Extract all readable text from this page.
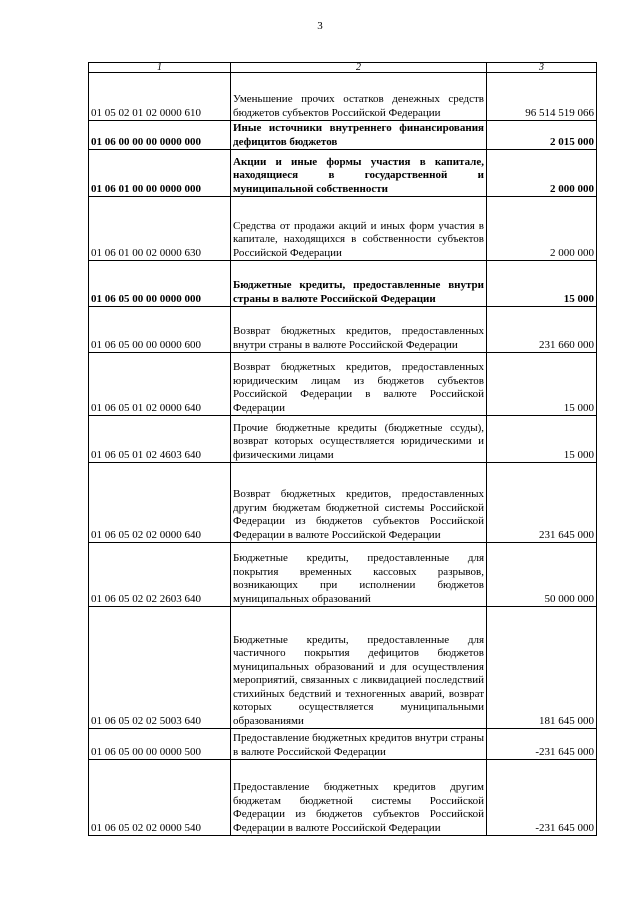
3
1	2	3
01 05 02 01 02 0000 610	Уменьшение прочих остатков денежных средств бюджетов субъектов Российской Федерации	96 514 519 066
01 06 00 00 00 0000 000	Иные источники внутреннего финансирования дефицитов бюджетов	2 015 000
01 06 01 00 00 0000 000	Акции и иные формы участия в капитале, находящиеся в государственной и муниципальной собственности	2 000 000
01 06 01 00 02 0000 630	Средства от продажи акций и иных форм участия в капитале, находящихся в собственности субъектов Российской Федерации	2 000 000
01 06 05 00 00 0000 000	Бюджетные кредиты, предоставленные внутри страны в валюте Российской Федерации	15 000
01 06 05 00 00 0000 600	Возврат бюджетных кредитов, предоставленных внутри страны в валюте Российской Федерации	231 660 000
01 06 05 01 02 0000 640	Возврат бюджетных кредитов, предоставленных юридическим лицам из бюджетов субъектов Российской Федерации в валюте Российской Федерации	15 000
01 06 05 01 02 4603 640	Прочие бюджетные кредиты (бюджетные ссуды), возврат которых осуществляется юридическими и физическими лицами	15 000
01 06 05 02 02 0000 640	Возврат бюджетных кредитов, предоставленных другим бюджетам бюджетной системы Российской Федерации из бюджетов субъектов Российской Федерации в валюте Российской Федерации	231 645 000
01 06 05 02 02 2603 640	Бюджетные кредиты, предоставленные для покрытия временных кассовых разрывов, возникающих при исполнении бюджетов муниципальных образований	50 000 000
01 06 05 02 02 5003 640	Бюджетные кредиты, предоставленные для частичного покрытия дефицитов бюджетов муниципальных образований и для осуществления мероприятий, связанных с ликвидацией последствий стихийных бедствий и техногенных аварий, возврат которых осуществляется муниципальными образованиями	181 645 000
01 06 05 00 00 0000 500	Предоставление бюджетных кредитов внутри страны в валюте Российской Федерации	-231 645 000
01 06 05 02 02 0000 540	Предоставление бюджетных кредитов другим бюджетам бюджетной системы Российской Федерации из бюджетов субъектов Российской Федерации в валюте Российской Федерации	-231 645 000
